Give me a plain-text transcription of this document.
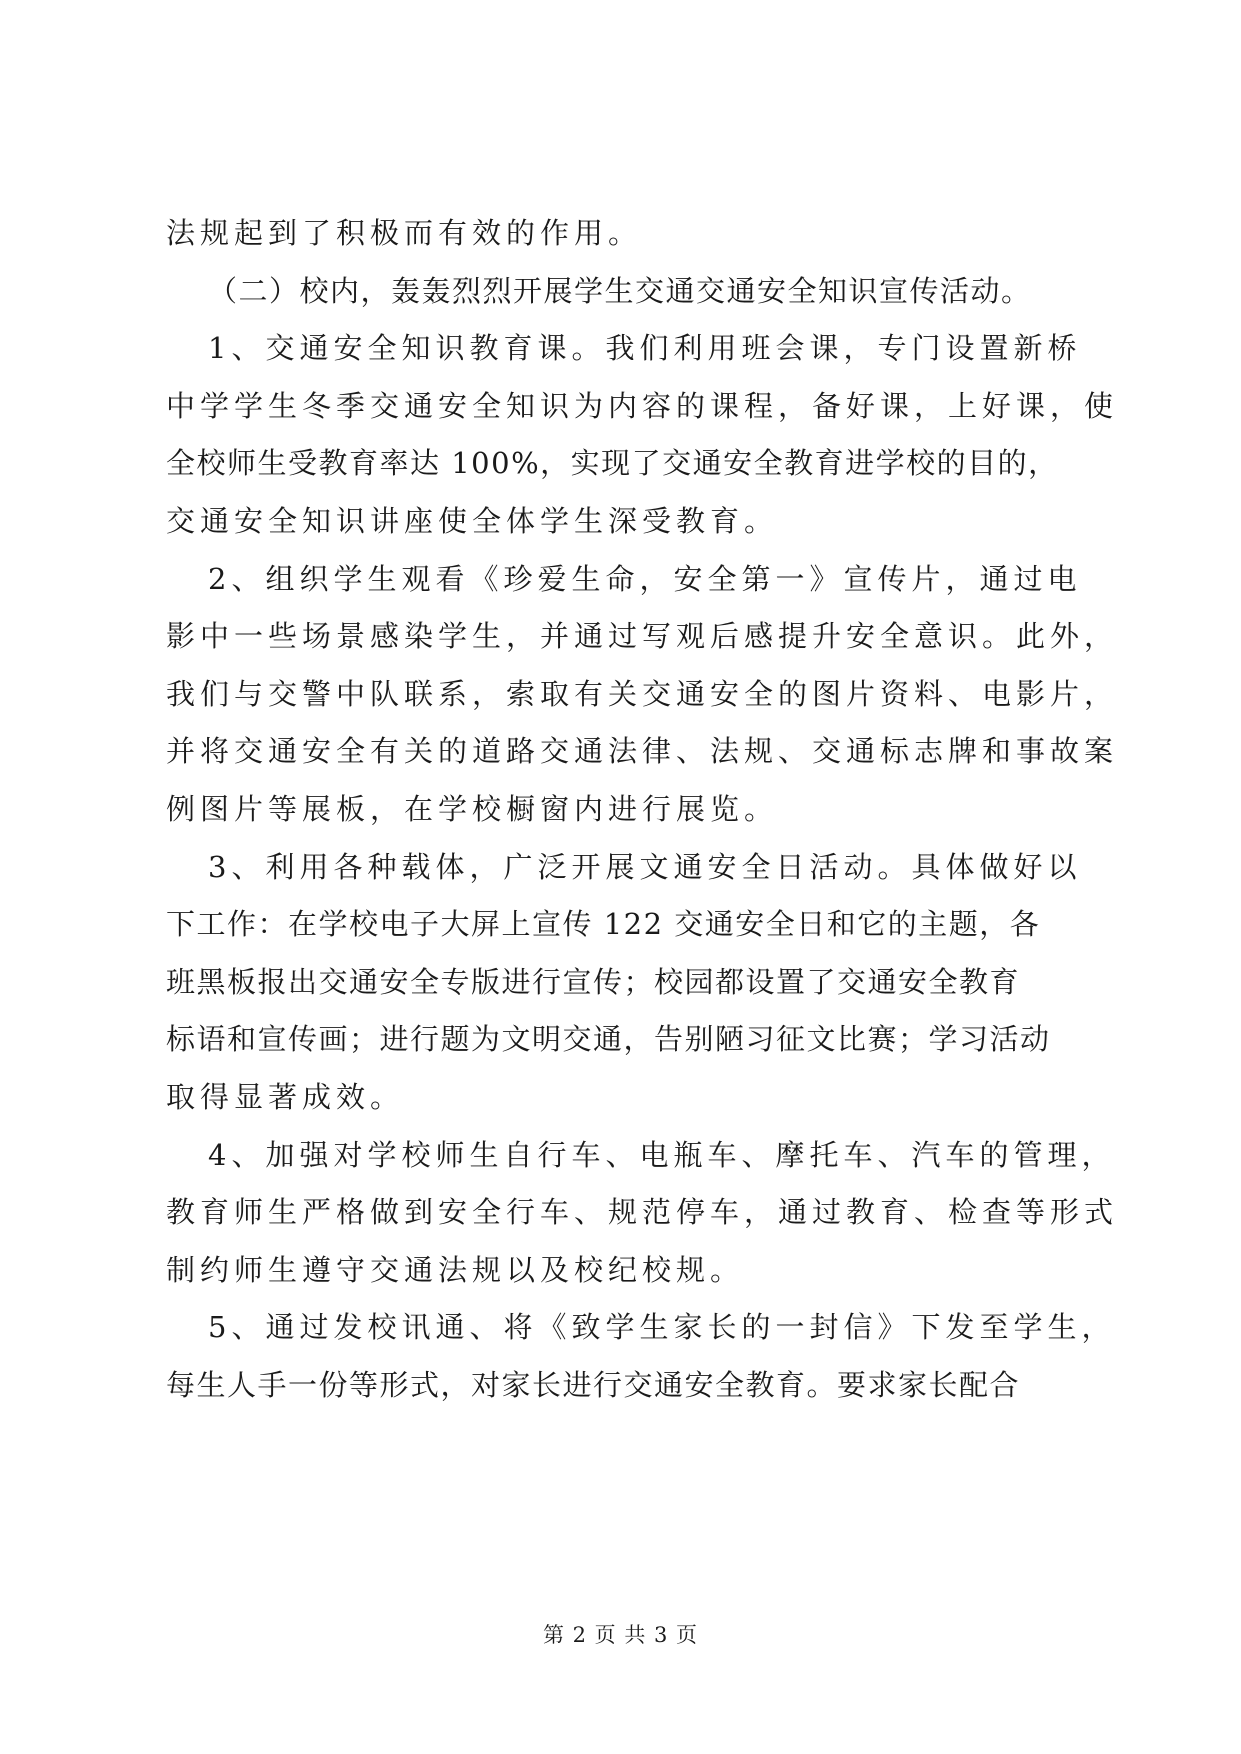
法规起到了积极而有效的作用。
（二）校内，轰轰烈烈开展学生交通交通安全知识宣传活动。
1、交通安全知识教育课。我们利用班会课，专门设置新桥
中学学生冬季交通安全知识为内容的课程，备好课，上好课，使
全校师生受教育率达 100%，实现了交通安全教育进学校的目的，
交通安全知识讲座使全体学生深受教育。
2、组织学生观看《珍爱生命，安全第一》宣传片，通过电
影中一些场景感染学生，并通过写观后感提升安全意识。此外，
我们与交警中队联系，索取有关交通安全的图片资料、电影片，
并将交通安全有关的道路交通法律、法规、交通标志牌和事故案
例图片等展板，在学校橱窗内进行展览。
3、利用各种载体，广泛开展文通安全日活动。具体做好以
下工作：在学校电子大屏上宣传 122 交通安全日和它的主题，各
班黑板报出交通安全专版进行宣传；校园都设置了交通安全教育
标语和宣传画；进行题为文明交通，告别陋习征文比赛；学习活动
取得显著成效。
4、加强对学校师生自行车、电瓶车、摩托车、汽车的管理，
教育师生严格做到安全行车、规范停车，通过教育、检查等形式
制约师生遵守交通法规以及校纪校规。
5、通过发校讯通、将《致学生家长的一封信》下发至学生，
每生人手一份等形式，对家长进行交通安全教育。要求家长配合
第 2 页 共 3 页
